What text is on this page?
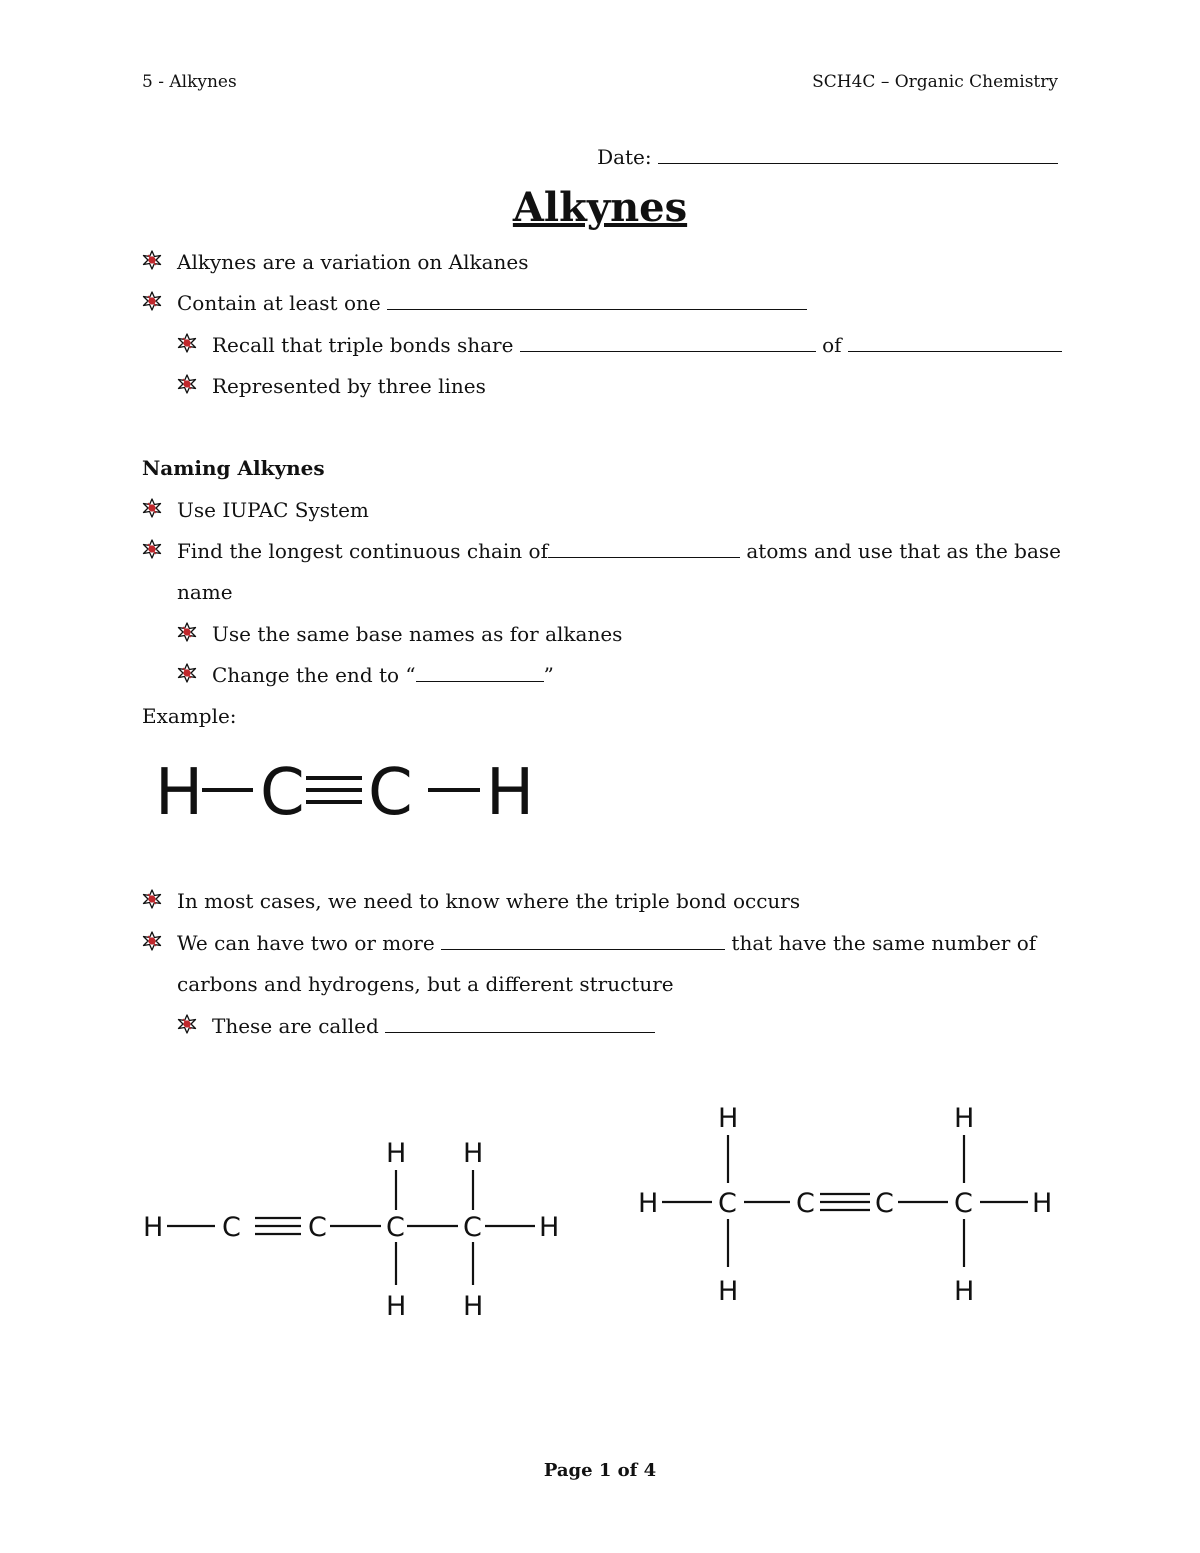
5 - Alkynes	SCH4C – Organic Chemistry
Date:
Alkynes
Alkynes are a variation on Alkanes
Contain at least one
Recall that triple bonds share	of
Represented by three lines
Naming Alkynes
Use IUPAC System
Find the longest continuous chain of	atoms and use that as the base
name
Use the same base names as for alkanes
Change the end to “	”
Example:
H C C H
In most cases, we need to know where the triple bond occurs
We can have two or more	that have the same number of
carbons and hydrogens, but a different structure
These are called
H C C C C H
H H
H H
H	H
H C C C C H
H	H
Page 1 of 4
